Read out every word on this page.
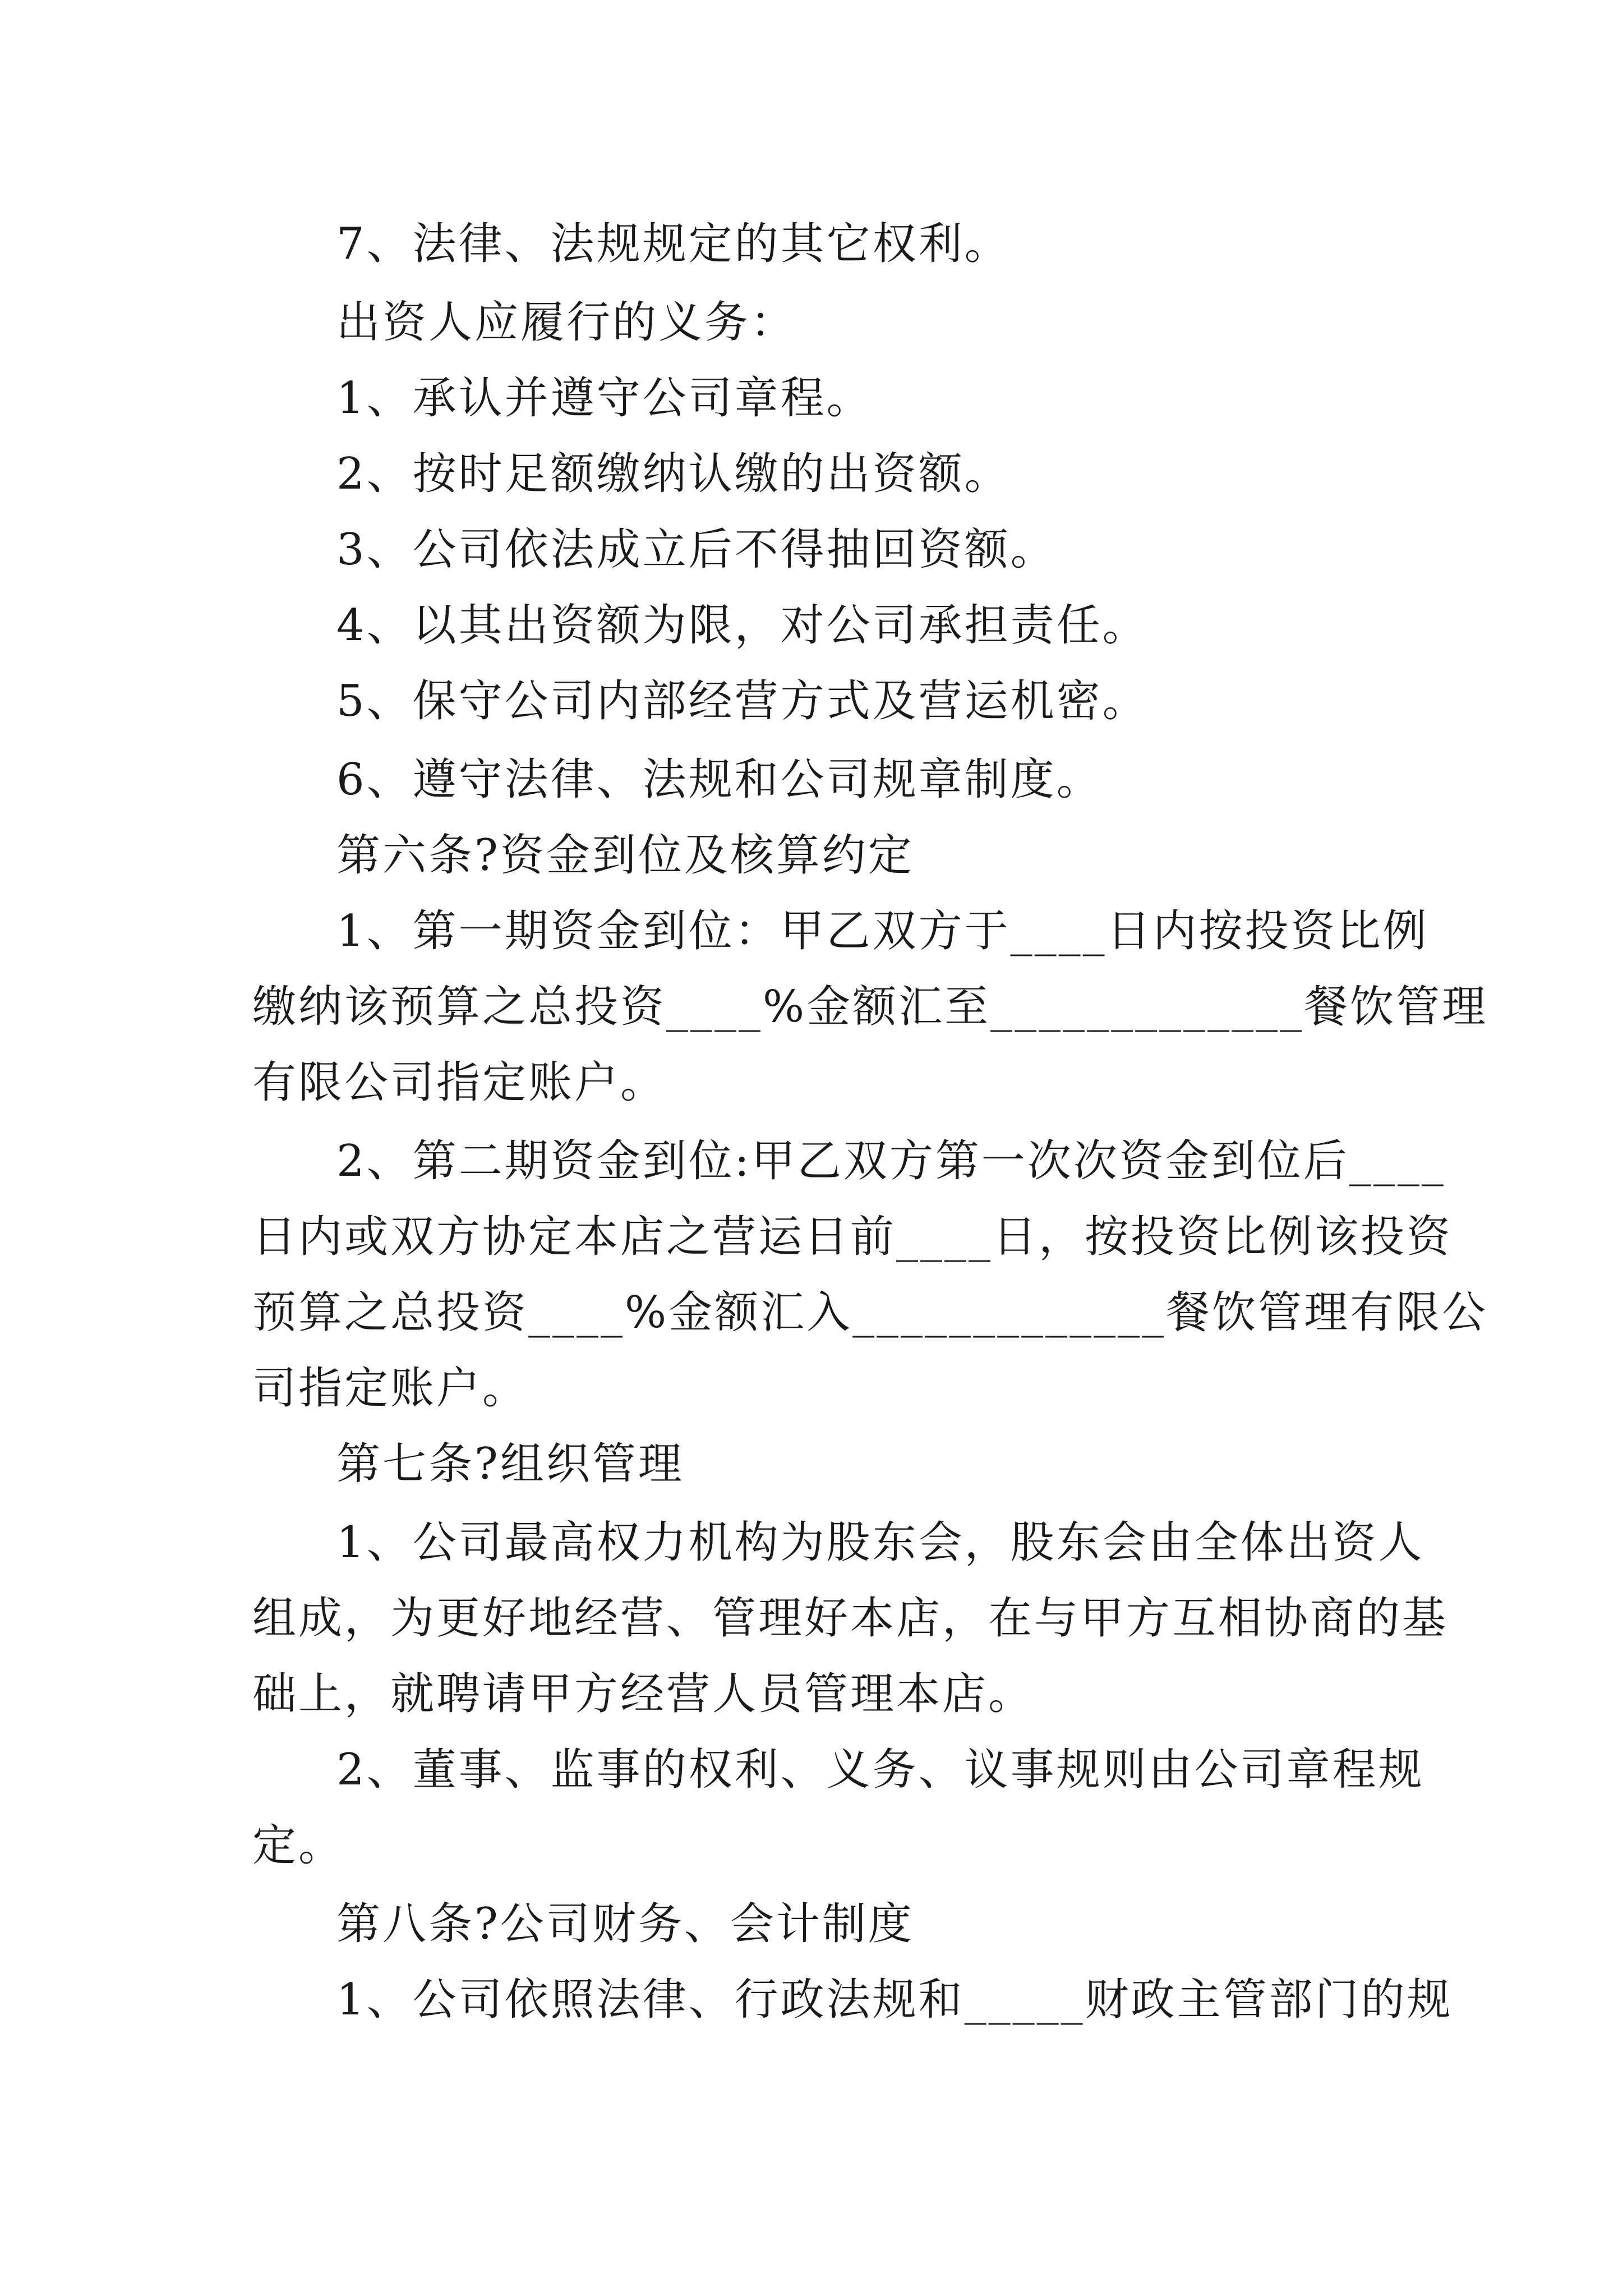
7、法律、法规规定的其它权利。
出资人应履行的义务：
1、承认并遵守公司章程。
2、按时足额缴纳认缴的出资额。
3、公司依法成立后不得抽回资额。
4、以其出资额为限，对公司承担责任。
5、保守公司内部经营方式及营运机密。
6、遵守法律、法规和公司规章制度。
第六条?资金到位及核算约定
1、第一期资金到位：甲乙双方于____日内按投资比例
缴纳该预算之总投资____%金额汇至_____________餐饮管理
有限公司指定账户。
2、第二期资金到位:甲乙双方第一次次资金到位后____
日内或双方协定本店之营运日前____日，按投资比例该投资
预算之总投资____%金额汇入_____________餐饮管理有限公
司指定账户。
第七条?组织管理
1、公司最高权力机构为股东会，股东会由全体出资人
组成，为更好地经营、管理好本店，在与甲方互相协商的基
础上，就聘请甲方经营人员管理本店。
2、董事、监事的权利、义务、议事规则由公司章程规
定。
第八条?公司财务、会计制度
1、公司依照法律、行政法规和_____财政主管部门的规
